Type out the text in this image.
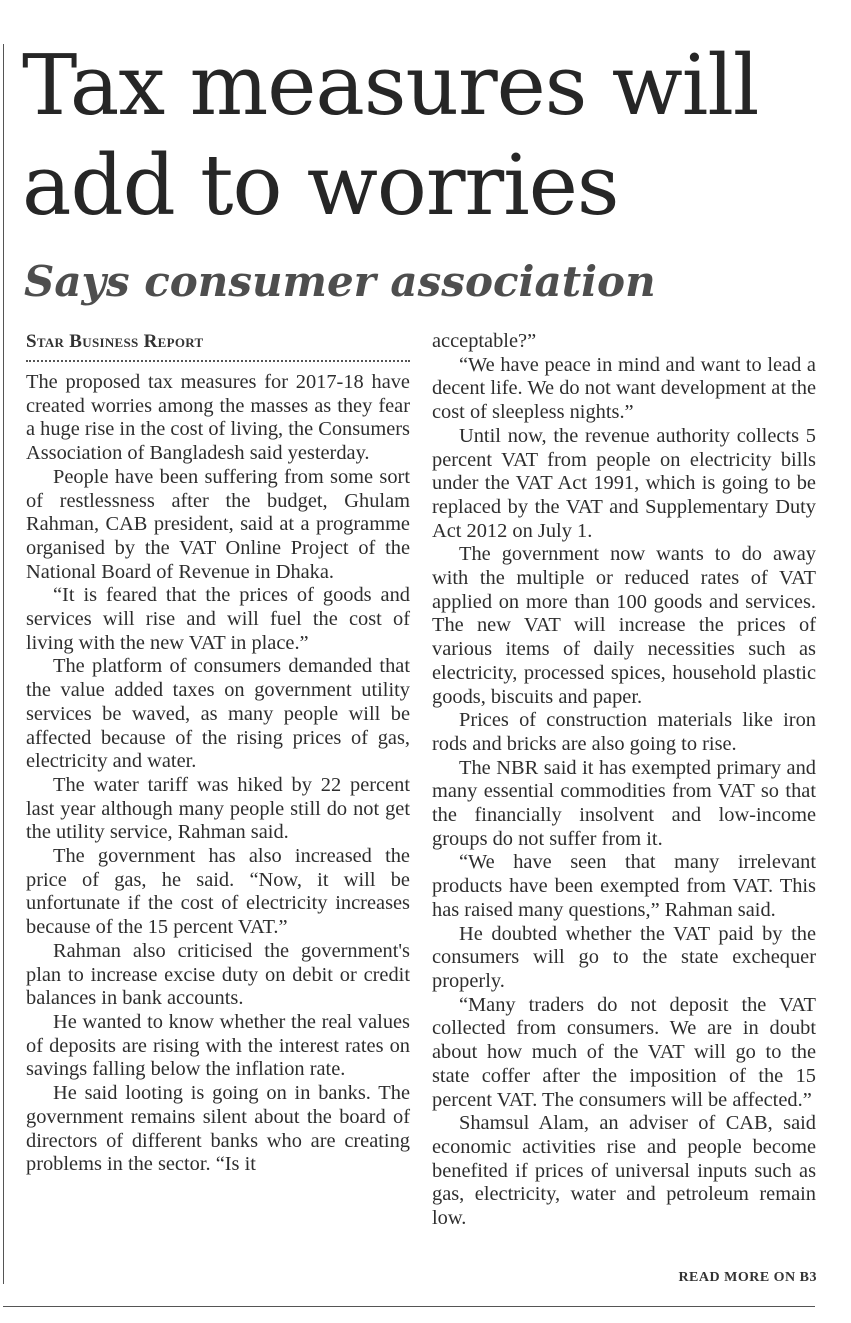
Tax measures will add to worries
Says consumer association
Star Business Report

The proposed tax measures for 2017-18 have created worries among the masses as they fear a huge rise in the cost of living, the Consumers Association of Bangladesh said yesterday.

People have been suffering from some sort of restlessness after the budget, Ghulam Rahman, CAB president, said at a programme organised by the VAT Online Project of the National Board of Revenue in Dhaka.

“It is feared that the prices of goods and services will rise and will fuel the cost of living with the new VAT in place.”

The platform of consumers demanded that the value added taxes on government utility services be waved, as many people will be affected because of the rising prices of gas, electricity and water.

The water tariff was hiked by 22 percent last year although many people still do not get the utility service, Rahman said.

The government has also increased the price of gas, he said. “Now, it will be unfortunate if the cost of electricity increases because of the 15 percent VAT.”

Rahman also criticised the government's plan to increase excise duty on debit or credit balances in bank accounts.

He wanted to know whether the real values of deposits are rising with the interest rates on savings falling below the inflation rate.

He said looting is going on in banks. The government remains silent about the board of directors of different banks who are creating problems in the sector. “Is it

acceptable?”

“We have peace in mind and want to lead a decent life. We do not want development at the cost of sleepless nights.”

Until now, the revenue authority collects 5 percent VAT from people on electricity bills under the VAT Act 1991, which is going to be replaced by the VAT and Supplementary Duty Act 2012 on July 1.

The government now wants to do away with the multiple or reduced rates of VAT applied on more than 100 goods and services. The new VAT will increase the prices of various items of daily necessities such as electricity, processed spices, household plastic goods, biscuits and paper.

Prices of construction materials like iron rods and bricks are also going to rise.

The NBR said it has exempted primary and many essential commodities from VAT so that the financially insolvent and low-income groups do not suffer from it.

“We have seen that many irrelevant products have been exempted from VAT. This has raised many questions,” Rahman said.

He doubted whether the VAT paid by the consumers will go to the state exchequer properly.

“Many traders do not deposit the VAT collected from consumers. We are in doubt about how much of the VAT will go to the state coffer after the imposition of the 15 percent VAT. The consumers will be affected.”

Shamsul Alam, an adviser of CAB, said economic activities rise and people become benefited if prices of universal inputs such as gas, electricity, water and petroleum remain low.

READ MORE ON B3
